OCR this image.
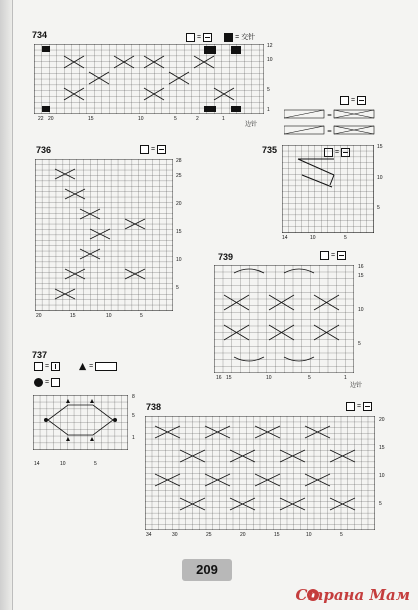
734	=	= 交针
12
10
5
1
22 20	15	10	5	2	1
边针
=
=
=
736	=
28
25
20
15
10
5
20	15	10	5
735	15
10
5
14	10	5
739	=
16
15
10
5
16 15	10	5	1
边针
737
=	=
=
8
5
1
14	10	5
738	=
20
15
10
5
34	30	25	20	15	10	5
209
Страна Мам
